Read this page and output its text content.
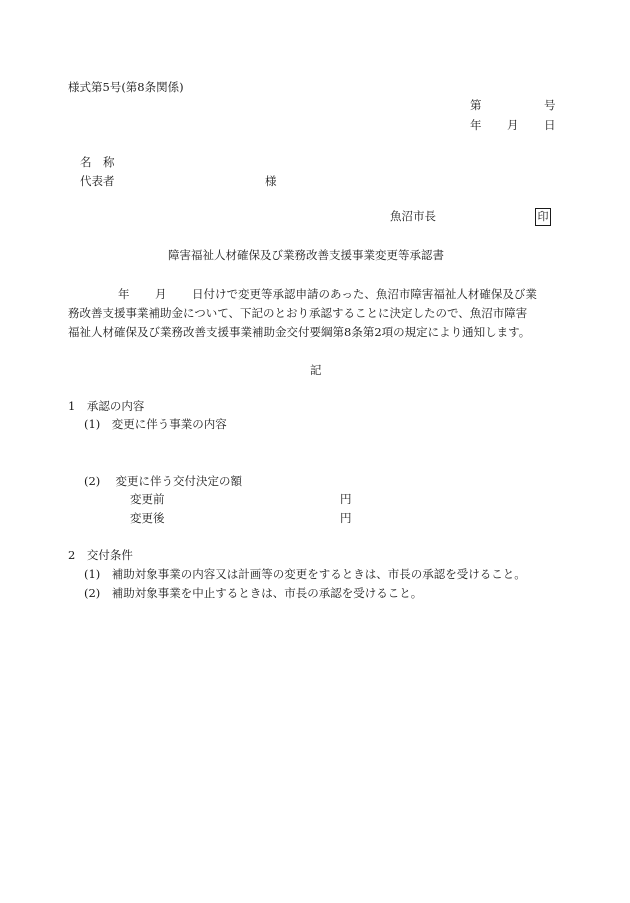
様式第5号(第8条関係)
第	号
年 月 日
名　称
代表者	様
魚沼市長	印
障害福祉人材確保及び業務改善支援事業変更等承認書
年 月 日付けで変更等承認申請のあった、魚沼市障害福祉人材確保及び業
務改善支援事業補助金について、下記のとおり承認することに決定したので、魚沼市障害
福祉人材確保及び業務改善支援事業補助金交付要綱第8条第2項の規定により通知します。
記
1　承認の内容
(1)　変更に伴う事業の内容
(2)　 変更に伴う交付決定の額
変更前	円
変更後	円
2　交付条件
(1)　補助対象事業の内容又は計画等の変更をするときは、市長の承認を受けること。
(2)　補助対象事業を中止するときは、市長の承認を受けること。
